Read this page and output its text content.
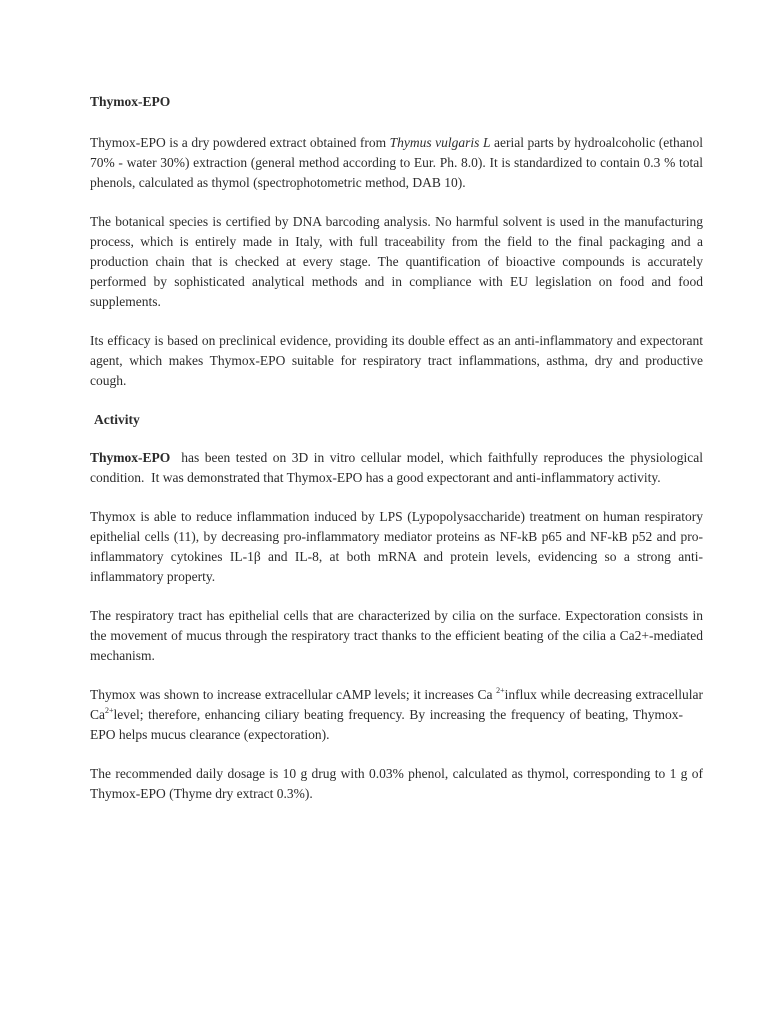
Thymox-EPO

Thymox-EPO is a dry powdered extract obtained from Thymus vulgaris L aerial parts by hydroalcoholic (ethanol 70% - water 30%) extraction (general method according to Eur. Ph. 8.0). It is standardized to contain 0.3 % total phenols, calculated as thymol (spectrophotometric method, DAB 10).

The botanical species is certified by DNA barcoding analysis. No harmful solvent is used in the manufacturing process, which is entirely made in Italy, with full traceability from the field to the final packaging and a production chain that is checked at every stage. The quantification of bioactive compounds is accurately performed by sophisticated analytical methods and in compliance with EU legislation on food and food supplements.

Its efficacy is based on preclinical evidence, providing its double effect as an anti-inflammatory and expectorant agent, which makes Thymox-EPO suitable for respiratory tract inflammations, asthma, dry and productive cough.

Activity

Thymox-EPO  has been tested on 3D in vitro cellular model, which faithfully reproduces the physiological condition.  It was demonstrated that Thymox-EPO has a good expectorant and anti-inflammatory activity.

Thymox is able to reduce inflammation induced by LPS (Lypopolysaccharide) treatment on human respiratory epithelial cells (11), by decreasing pro-inflammatory mediator proteins as NF-kB p65 and NF-kB p52 and pro-inflammatory cytokines IL-1β and IL-8, at both mRNA and protein levels, evidencing so a strong anti-inflammatory property.

The respiratory tract has epithelial cells that are characterized by cilia on the surface. Expectoration consists in the movement of mucus through the respiratory tract thanks to the efficient beating of the cilia a Ca2+-mediated mechanism.

Thymox was shown to increase extracellular cAMP levels; it increases Ca $^{2+}$influx while decreasing extracellular $Ca^{2+}level$; therefore, enhancing ciliary beating frequency. By increasing the frequency of beating, Thymox-EPO helps mucus clearance (expectoration).

The recommended daily dosage is 10 g drug with 0.03% phenol, calculated as thymol, corresponding to 1 g of Thymox-EPO (Thyme dry extract 0.3%).
